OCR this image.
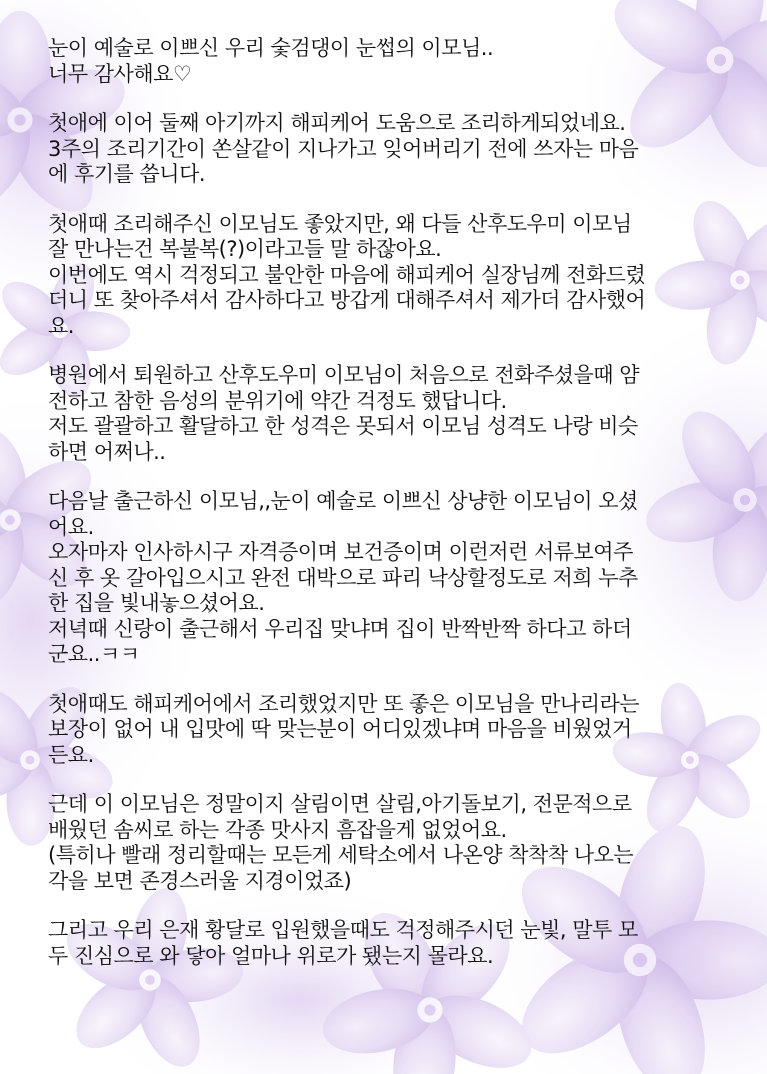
눈이 예술로 이쁘신 우리 숯검댕이 눈썹의 이모님..
너무 감사해요♡
첫애에 이어 둘째 아기까지 해피케어 도움으로 조리하게되었네요.
3주의 조리기간이 쏜살같이 지나가고 잊어버리기 전에 쓰자는 마음
에 후기를 씁니다.
첫애때 조리해주신 이모님도 좋았지만, 왜 다들 산후도우미 이모님
잘 만나는건 복불복(?)이라고들 말 하잖아요.
이번에도 역시 걱정되고 불안한 마음에 해피케어 실장님께 전화드렸
더니 또 찾아주셔서 감사하다고 방갑게 대해주셔서 제가더 감사했어
요.
병원에서 퇴원하고 산후도우미 이모님이 처음으로 전화주셨을때 얌
전하고 참한 음성의 분위기에 약간 걱정도 했답니다.
저도 괄괄하고 활달하고 한 성격은 못되서 이모님 성격도 나랑 비슷
하면 어쩌나..
다음날 출근하신 이모님,,눈이 예술로 이쁘신 상냥한 이모님이 오셨
어요.
오자마자 인사하시구 자격증이며 보건증이며 이런저런 서류보여주
신 후 옷 갈아입으시고 완전 대박으로 파리 낙상할정도로 저희 누추
한 집을 빛내놓으셨어요.
저녁때 신랑이 출근해서 우리집 맞냐며 집이 반짝반짝 하다고 하더
군요..ㅋㅋ
첫애때도 해피케어에서 조리했었지만 또 좋은 이모님을 만나리라는
보장이 없어 내 입맛에 딱 맞는분이 어디있겠냐며 마음을 비웠었거
든요.
근데 이 이모님은 정말이지 살림이면 살림,아기돌보기, 전문적으로
배웠던 솜씨로 하는 각종 맛사지 흠잡을게 없었어요.
(특히나 빨래 정리할때는 모든게 세탁소에서 나온양 착착착 나오는
각을 보면 존경스러울 지경이었죠)
그리고 우리 은재 황달로 입원했을때도 걱정해주시던 눈빛, 말투 모
두 진심으로 와 닿아 얼마나 위로가 됐는지 몰라요.
